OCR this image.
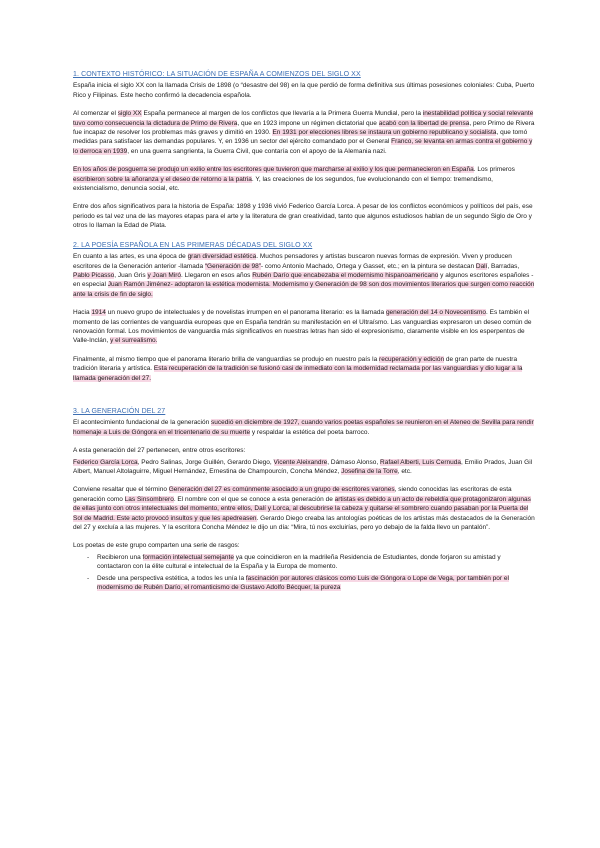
1. CONTEXTO HISTÓRICO: LA SITUACIÓN DE ESPAÑA A COMIENZOS DEL SIGLO XX

España inicia el siglo XX con la llamada Crisis de 1898 (o “desastre del 98) en la que perdió de forma definitiva sus últimas posesiones coloniales: Cuba, Puerto Rico y Filipinas. Este hecho confirmó la decadencia española.

Al comenzar el siglo XX España permanece al margen de los conflictos que llevaría a la Primera Guerra Mundial, pero la inestabilidad política y social relevante tuvo como consecuencia la dictadura de Primo de Rivera, que en 1923 impone un régimen dictatorial que acabó con la libertad de prensa, pero Primo de Rivera fue incapaz de resolver los problemas más graves y dimitió en 1930. En 1931 por elecciones libres se instaura un gobierno republicano y socialista, que tomó medidas para satisfacer las demandas populares. Y, en 1936 un sector del ejército comandado por el General Franco, se levanta en armas contra el gobierno y lo derroca en 1939, en una guerra sangrienta, la Guerra Civil, que contaría con el apoyo de la Alemania nazi.

En los años de posguerra se produjo un exilio entre los escritores que tuvieron que marcharse al exilio y los que permanecieron en España. Los primeros escribieron sobre la añoranza y el deseo de retorno a la patria. Y, las creaciones de los segundos, fue evolucionando con el tiempo: tremendismo, existencialismo, denuncia social, etc.

Entre dos años significativos para la historia de España: 1898 y 1936 vivió Federico García Lorca. A pesar de los conflictos económicos y políticos del país, ese periodo es tal vez una de las mayores etapas para el arte y la literatura de gran creatividad, tanto que algunos estudiosos hablan de un segundo Siglo de Oro y otros lo llaman la Edad de Plata.

2. LA POESÍA ESPAÑOLA EN LAS PRIMERAS DÉCADAS DEL SIGLO XX

En cuanto a las artes, es una época de gran diversidad estética. Muchos pensadores y artistas buscaron nuevas formas de expresión. Viven y producen escritores de la Generación anterior -llamada “Generación de 98”- como Antonio Machado, Ortega y Gasset, etc.; en la pintura se destacan Dalí, Barradas, Pablo Picasso, Juan Gris y Joan Miró. Llegaron en esos años Rubén Darío que encabezaba el modernismo hispanoamericano y algunos escritores españoles -en especial Juan Ramón Jiménez- adoptaron la estética modernista. Modernismo y Generación de 98 son dos movimientos literarios que surgen como reacción ante la crisis de fin de siglo.

Hacia 1914 un nuevo grupo de intelectuales y de novelistas irrumpen en el panorama literario: es la llamada generación del 14 o Novecentismo. Es también el momento de las corrientes de vanguardia europeas que en España tendrán su manifestación en el Ultraísmo. Las vanguardias expresaron un deseo común de renovación formal. Los movimientos de vanguardia más significativos en nuestras letras han sido el expresionismo, claramente visible en los esperpentos de Valle-Inclán, y el surrealismo.

Finalmente, al mismo tiempo que el panorama literario brilla de vanguardias se produjo en nuestro país la recuperación y edición de gran parte de nuestra tradición literaria y artística. Esta recuperación de la tradición se fusionó casi de inmediato con la modernidad reclamada por las vanguardias y dio lugar a la llamada generación del 27.

3. LA GENERACIÓN DEL 27

El acontecimiento fundacional de la generación sucedió en diciembre de 1927, cuando varios poetas españoles se reunieron en el Ateneo de Sevilla para rendir homenaje a Luis de Góngora en el tricentenario de su muerte y respaldar la estética del poeta barroco.

A esta generación del 27 pertenecen, entre otros escritores:

Federico García Lorca, Pedro Salinas, Jorge Guillén, Gerardo Diego, Vicente Aleixandre, Dámaso Alonso, Rafael Alberti, Luis Cernuda, Emilio Prados, Juan Gil Albert, Manuel Altolaguirre, Miguel Hernández, Ernestina de Champourcín, Concha Méndez, Josefina de la Torre, etc.

Conviene resaltar que el término Generación del 27 es comúnmente asociado a un grupo de escritores varones, siendo conocidas las escritoras de esta generación como Las Sinsombrero. El nombre con el que se conoce a esta generación de artistas es debido a un acto de rebeldía que protagonizaron algunas de ellas junto con otros intelectuales del momento, entre ellos, Dalí y Lorca, al descubrirse la cabeza y quitarse el sombrero cuando pasaban por la Puerta del Sol de Madrid. Este acto provocó insultos y que les apedreasen. Gerardo Diego creaba las antologías poéticas de los artistas más destacados de la Generación del 27 y excluía a las mujeres. Y la escritora Concha Méndez le dijo un día: “Mira, tú nos excluirías, pero yo debajo de la falda llevo un pantalón”.

Los poetas de este grupo comparten una serie de rasgos:

- Recibieron una formación intelectual semejante ya que coincidieron en la madrileña Residencia de Estudiantes, donde forjaron su amistad y contactaron con la élite cultural e intelectual de la España y la Europa de momento.
- Desde una perspectiva estética, a todos les unía la fascinación por autores clásicos como Luis de Góngora o Lope de Vega, por también por el modernismo de Rubén Darío, el romanticismo de Gustavo Adolfo Bécquer, la pureza
